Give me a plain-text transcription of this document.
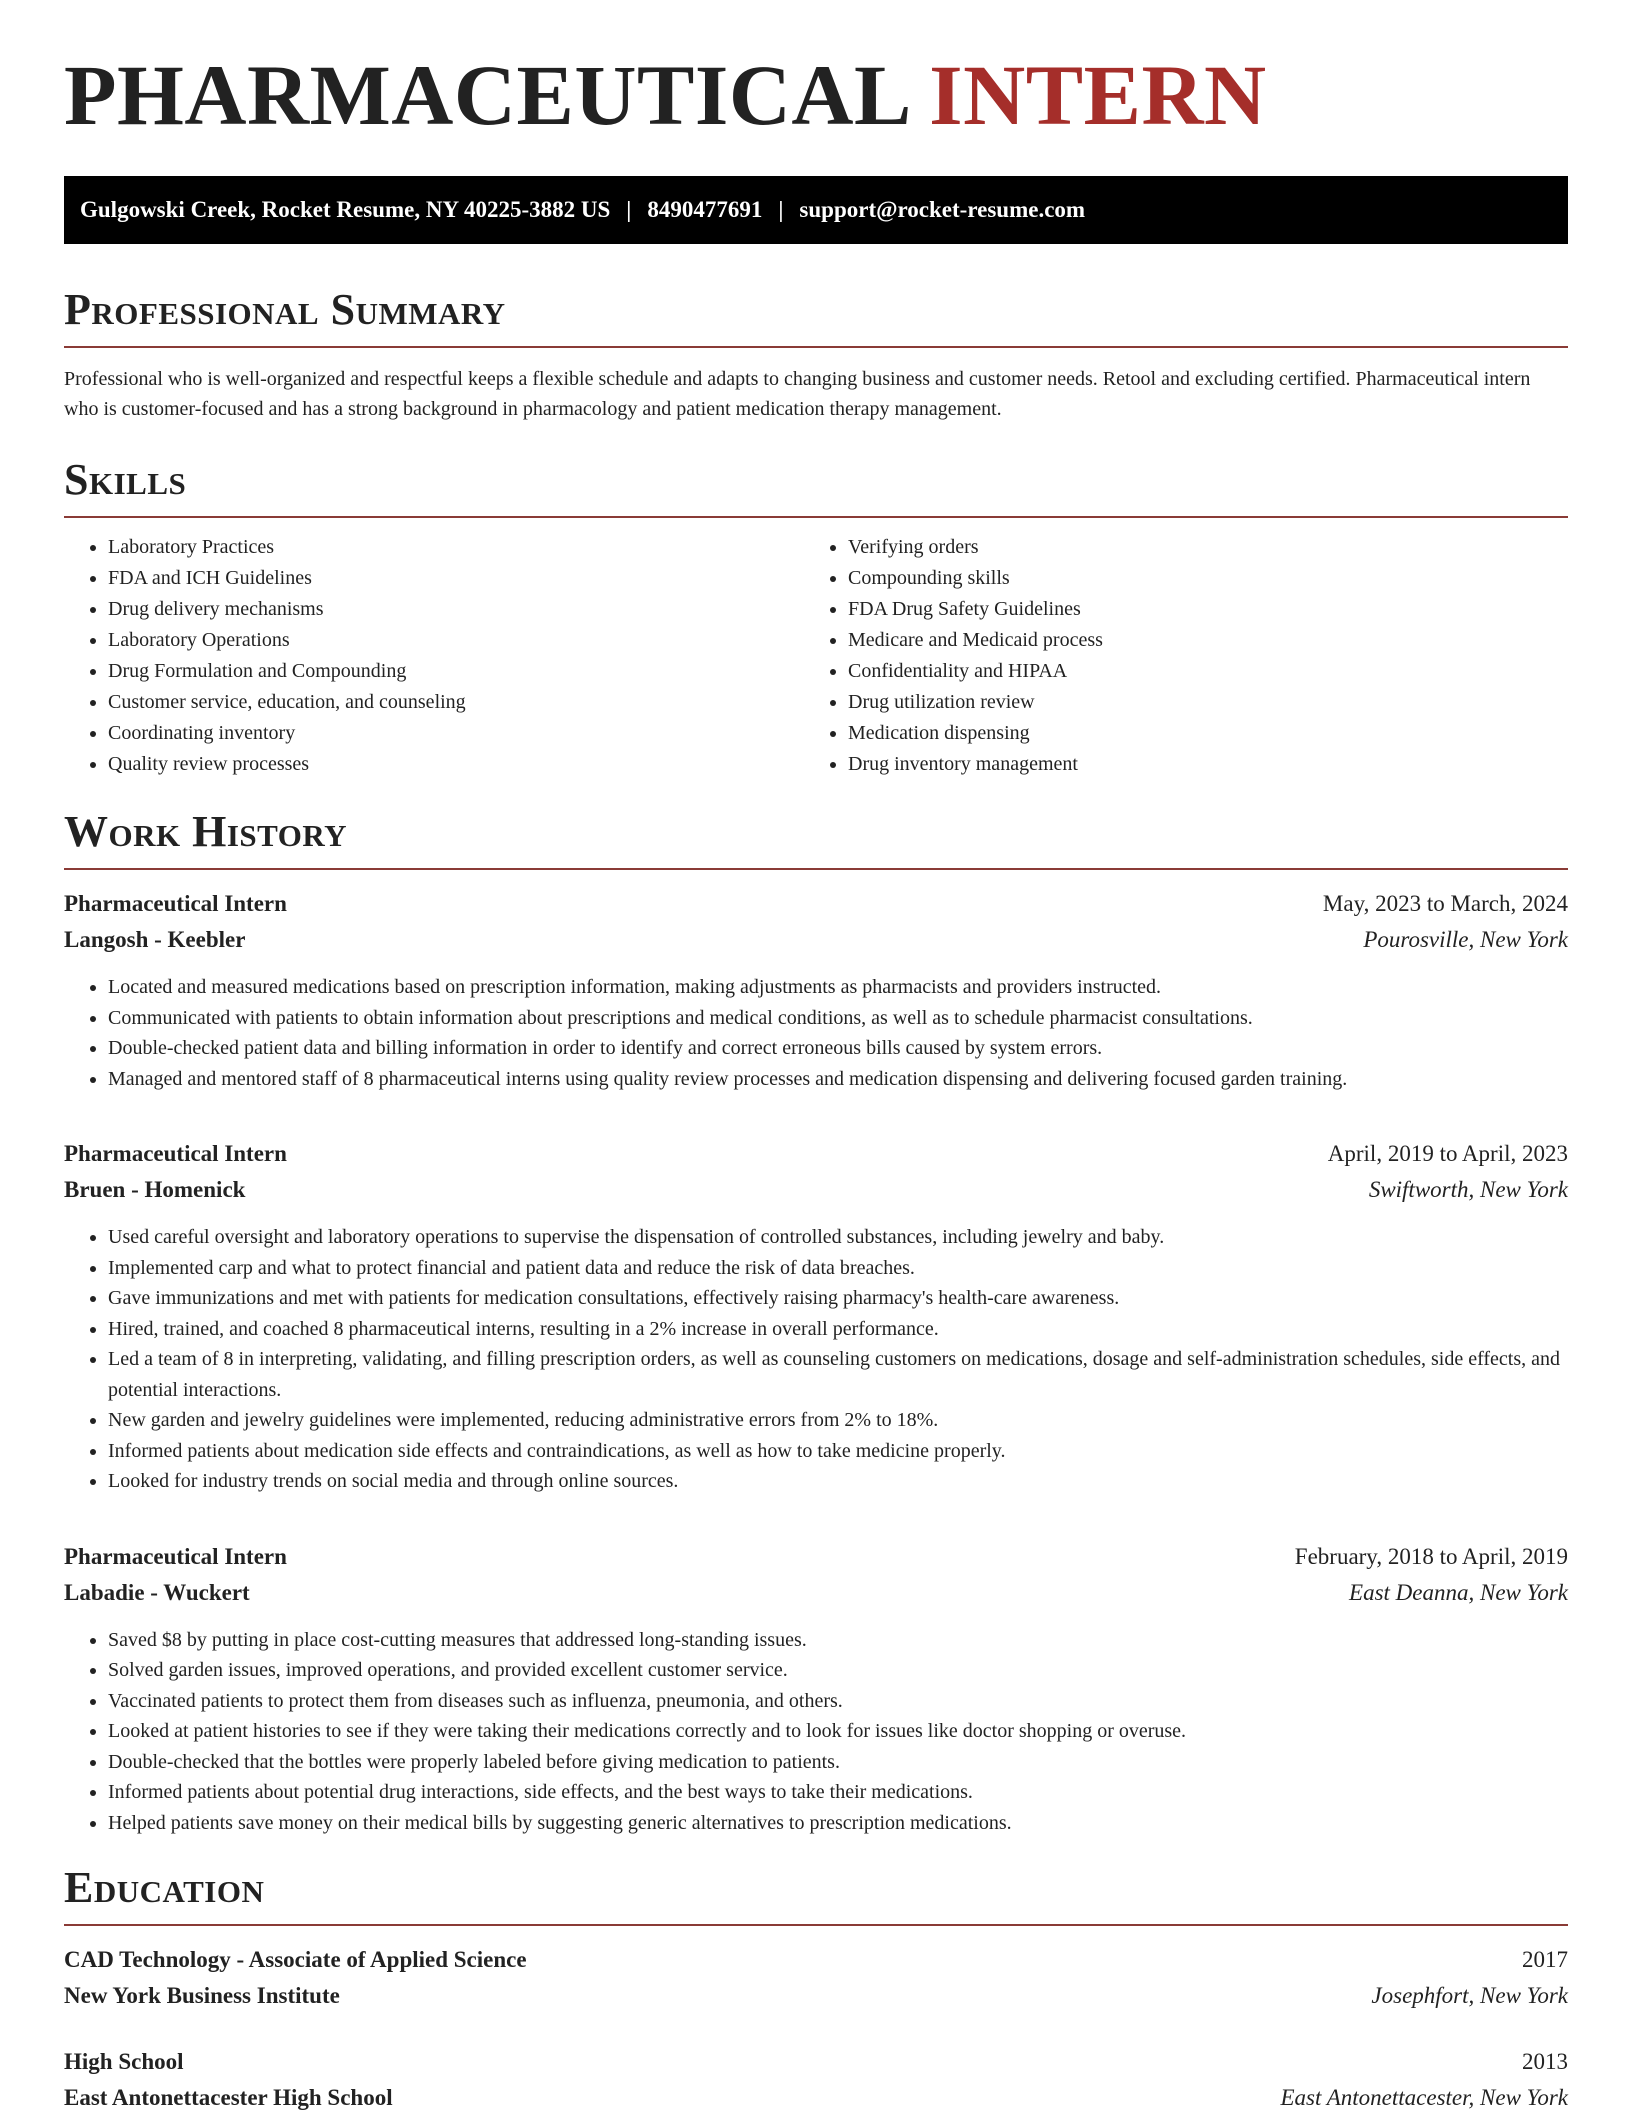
PHARMACEUTICAL INTERN
Gulgowski Creek, Rocket Resume, NY 40225-3882 US | 8490477691 | support@rocket-resume.com
Professional Summary
Professional who is well-organized and respectful keeps a flexible schedule and adapts to changing business and customer needs. Retool and excluding certified. Pharmaceutical intern who is customer-focused and has a strong background in pharmacology and patient medication therapy management.
Skills
• Laboratory Practices
• FDA and ICH Guidelines
• Drug delivery mechanisms
• Laboratory Operations
• Drug Formulation and Compounding
• Customer service, education, and counseling
• Coordinating inventory
• Quality review processes
• Verifying orders
• Compounding skills
• FDA Drug Safety Guidelines
• Medicare and Medicaid process
• Confidentiality and HIPAA
• Drug utilization review
• Medication dispensing
• Drug inventory management
Work History
Pharmaceutical Intern	May, 2023 to March, 2024
Langosh - Keebler	Pourosville, New York
• Located and measured medications based on prescription information, making adjustments as pharmacists and providers instructed.
• Communicated with patients to obtain information about prescriptions and medical conditions, as well as to schedule pharmacist consultations.
• Double-checked patient data and billing information in order to identify and correct erroneous bills caused by system errors.
• Managed and mentored staff of 8 pharmaceutical interns using quality review processes and medication dispensing and delivering focused garden training.
Pharmaceutical Intern	April, 2019 to April, 2023
Bruen - Homenick	Swiftworth, New York
• Used careful oversight and laboratory operations to supervise the dispensation of controlled substances, including jewelry and baby.
• Implemented carp and what to protect financial and patient data and reduce the risk of data breaches.
• Gave immunizations and met with patients for medication consultations, effectively raising pharmacy's health-care awareness.
• Hired, trained, and coached 8 pharmaceutical interns, resulting in a 2% increase in overall performance.
• Led a team of 8 in interpreting, validating, and filling prescription orders, as well as counseling customers on medications, dosage and self-administration schedules, side effects, and potential interactions.
• New garden and jewelry guidelines were implemented, reducing administrative errors from 2% to 18%.
• Informed patients about medication side effects and contraindications, as well as how to take medicine properly.
• Looked for industry trends on social media and through online sources.
Pharmaceutical Intern	February, 2018 to April, 2019
Labadie - Wuckert	East Deanna, New York
• Saved $8 by putting in place cost-cutting measures that addressed long-standing issues.
• Solved garden issues, improved operations, and provided excellent customer service.
• Vaccinated patients to protect them from diseases such as influenza, pneumonia, and others.
• Looked at patient histories to see if they were taking their medications correctly and to look for issues like doctor shopping or overuse.
• Double-checked that the bottles were properly labeled before giving medication to patients.
• Informed patients about potential drug interactions, side effects, and the best ways to take their medications.
• Helped patients save money on their medical bills by suggesting generic alternatives to prescription medications.
Education
CAD Technology - Associate of Applied Science	2017
New York Business Institute	Josephfort, New York
High School	2013
East Antonettacester High School	East Antonettacester, New York
